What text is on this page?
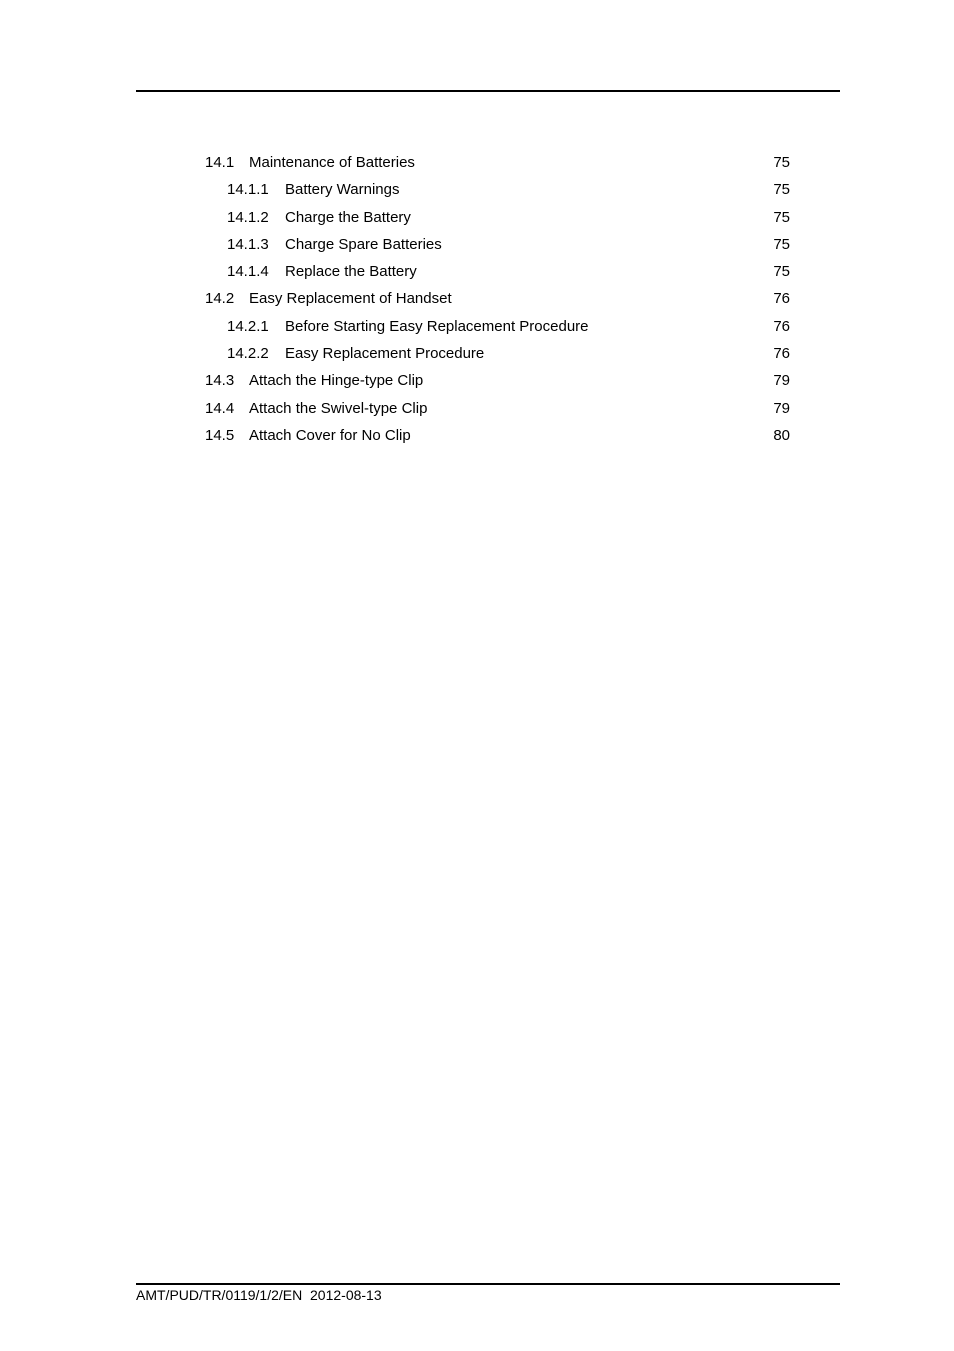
14.1 Maintenance of Batteries	75
14.1.1 Battery Warnings	75
14.1.2 Charge the Battery	75
14.1.3 Charge Spare Batteries	75
14.1.4 Replace the Battery	75
14.2 Easy Replacement of Handset	76
14.2.1 Before Starting Easy Replacement Procedure	76
14.2.2 Easy Replacement Procedure	76
14.3 Attach the Hinge-type Clip	79
14.4 Attach the Swivel-type Clip	79
14.5 Attach Cover for No Clip	80
AMT/PUD/TR/0119/1/2/EN  2012-08-13
